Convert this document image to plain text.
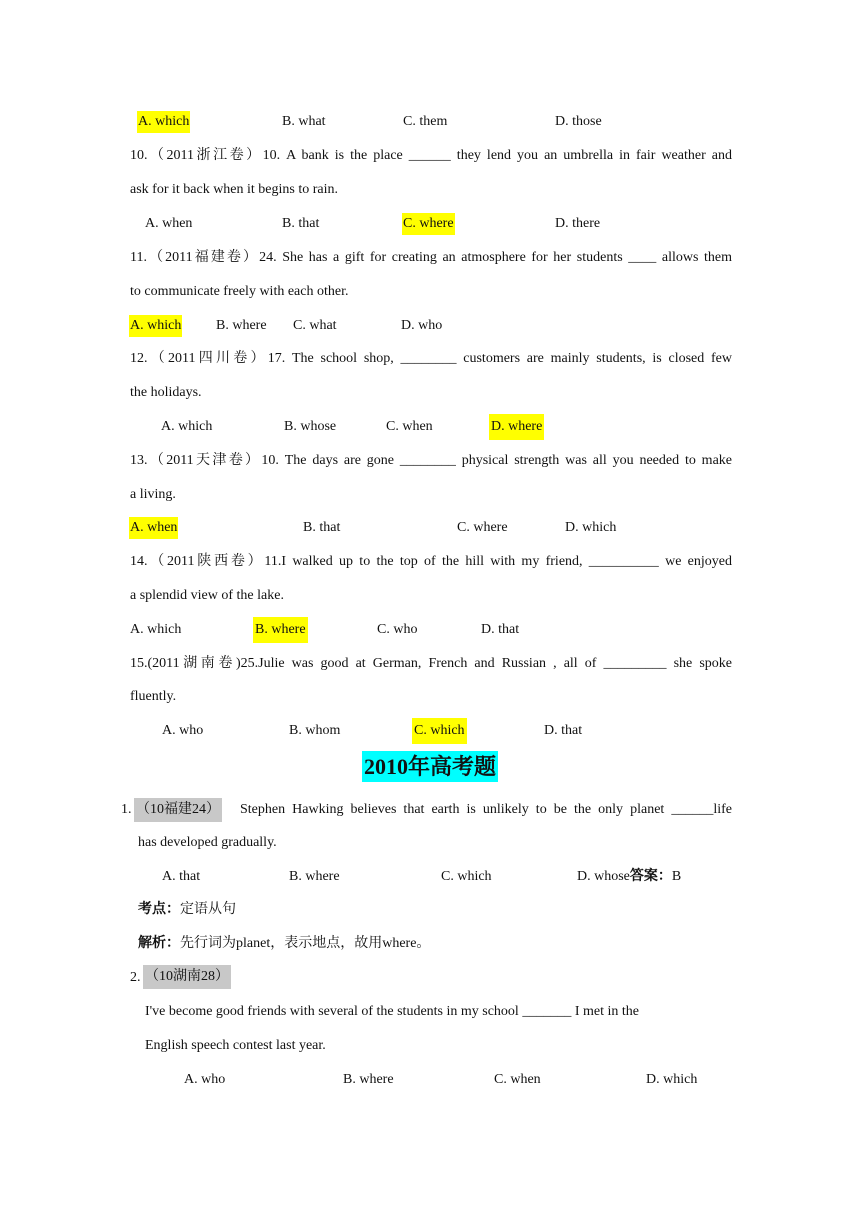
A. which	B. what	C. them	D. those
10.（2011浙江卷）10. A bank is the place ______ they lend you an umbrella in fair weather and
ask for it back when it begins to rain.
A. when	B. that	C. where	D. there
11.（2011福建卷）24. She has a gift for creating an atmosphere for her students ____ allows them
to communicate freely with each other.
A. which B. where C. what	D. who
12.（2011四川卷）17. The school shop, ________ customers are mainly students, is closed few
the holidays.
A. which	B. whose	C. when	D. where
13.（2011天津卷）10. The days are gone ________ physical strength was all you needed to make
a living.
A. when	B. that	C. where	D. which
14.（2011陕西卷）11.I walked up to the top of the hill with my friend, __________ we enjoyed
a splendid view of the lake.
A. which	B. where	C. who	D. that
15.(2011湖南卷)25.Julie was good at German, French and Russian , all of _________ she spoke
fluently.
A. who	B. whom	C. which	D. that
2010年高考题
1. （10福建24） Stephen Hawking believes that earth is unlikely to be the only planet ______life
has developed gradually.
A. that	B. where	C. which	D. whose答案：B
考点：定语从句
解析：先行词为planet，表示地点，故用where。
2. （10湖南28）
I've become good friends with several of the students in my school _______ I met in the
English speech contest last year.
A. who	B. where	C. when	D. which
